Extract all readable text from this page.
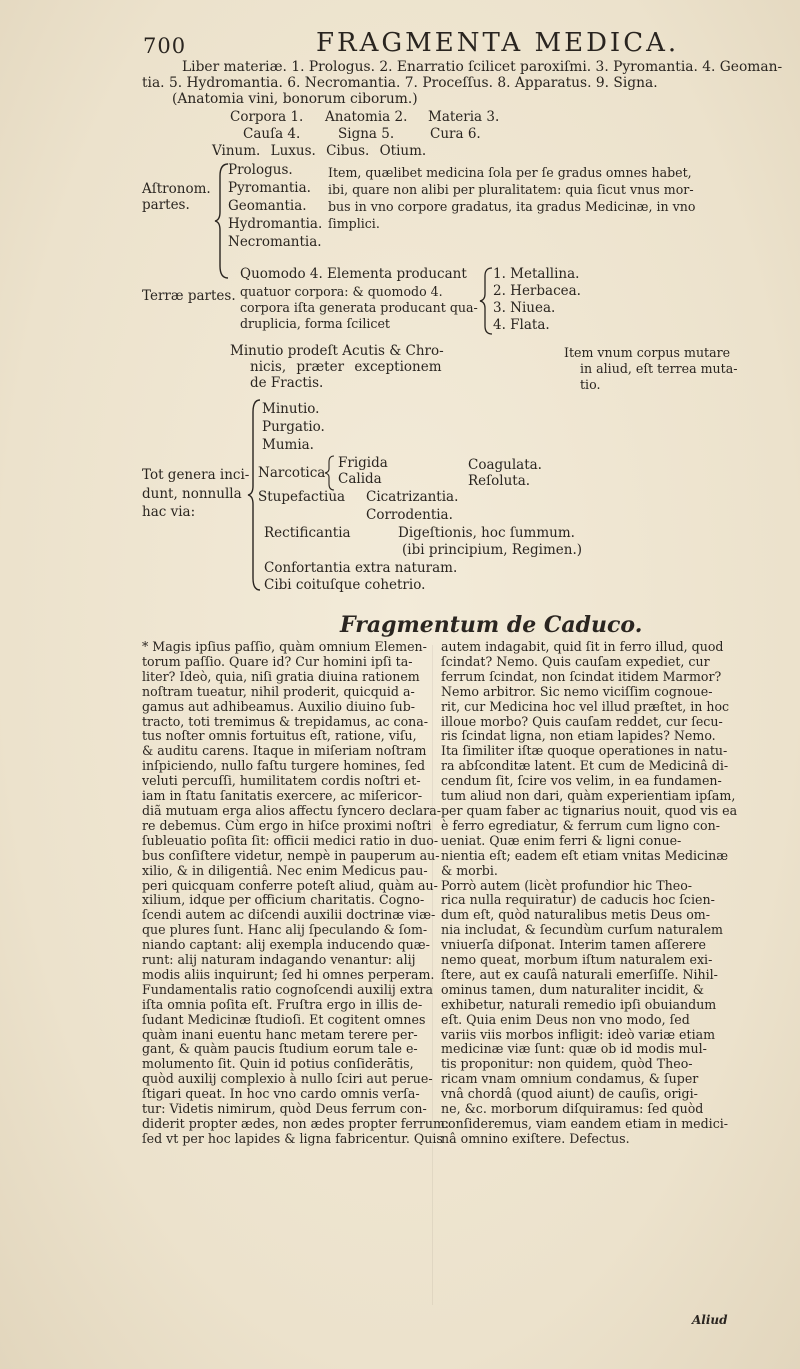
700	FRAGMENTA MEDICA.
Liber materiæ. 1. Prologus. 2. Enarratio ſcilicet paroxiſmi. 3. Pyromantia. 4. Geoman-
tia. 5. Hydromantia. 6. Necromantia. 7. Proceſſus. 8. Apparatus. 9. Signa.
(Anatomia vini, bonorum ciborum.)
Corpora 1. Anatomia 2. Materia 3.
Cauſa 4.	Signa 5.	Cura 6.
Vinum. Luxus. Cibus. Otium.
Aſtronom.
partes.
Prologus.
Pyromantia.
Geomantia.
Hydromantia.
Necromantia.
Item, quælibet medicina ſola per ſe gradus omnes habet,
ibi, quare non alibi per pluralitatem: quia ſicut vnus mor-
bus in vno corpore gradatus, ita gradus Medicinæ, in vno
ſimplici.
Terræ partes.
Quomodo 4. Elementa producant
quatuor corpora: & quomodo 4.
corpora iſta generata producant qua-
druplicia, forma ſcilicet
1. Metallina.
2. Herbacea.
3. Niuea.
4. Flata.
Minutio prodeſt Acutis & Chro-
nicis, præter exceptionem
de Fractis.
Item vnum corpus mutare
in aliud, eſt terrea muta-
tio.
Tot genera inci-
dunt, nonnulla
hac via:
Minutio.
Purgatio.
Mumia.
Narcotica
Frigida
Calida
Coagulata.
Reſoluta.
Stupefactiua Cicatrizantia.
Corrodentia.
Rectificantia	Digeſtionis, hoc ſummum.
(ibi principium, Regimen.)
Confortantia extra naturam.
Cibi coituſque cohetrio.
Fragmentum de Caduco.

* Magis ipſius paſſio, quàm omnium Elemen-

torum paſſio. Quare id? Cur homini ipſi ta-

liter? Ideò, quia, niſi gratia diuina rationem

noſtram tueatur, nihil proderit, quicquid a-

gamus aut adhibeamus. Auxilio diuino ſub-

tracto, toti tremimus & trepidamus, ac cona-

tus noſter omnis fortuitus eſt, ratione, viſu,

& auditu carens. Itaque in miſeriam noſtram

inſpiciendo, nullo faſtu turgere homines, ſed

veluti percuſſi, humilitatem cordis noſtri et-

iam in ſtatu ſanitatis exercere, ac miſericor-

diã mutuam erga alios affectu ſyncero declara-

re debemus. Cùm ergo in hiſce proximi noſtri

ſubleuatio poſita ſit: officii medici ratio in duo-

bus conſiſtere videtur, nempè in pauperum au-

xilio, & in diligentiâ. Nec enim Medicus pau-

peri quicquam conferre poteſt aliud, quàm au-

xilium, idque per officium charitatis. Cogno-

ſcendi autem ac diſcendi auxilii doctrinæ viæ-

que plures ſunt. Hanc alij ſpeculando & ſom-

niando captant: alij exempla inducendo quæ-

runt: alij naturam indagando venantur: alij

modis aliis inquirunt; ſed hi omnes perperam.

Fundamentalis ratio cognoſcendi auxilij extra

iſta omnia poſita eſt. Fruſtra ergo in illis de-

ſudant Medicinæ ſtudioſi. Et cogitent omnes

quàm inani euentu hanc metam terere per-

gant, & quàm paucis ſtudium eorum tale e-

molumento ſit. Quin id potius conſiderātis,

quòd auxilij complexio à nullo ſciri aut perue-

ſtigari queat. In hoc vno cardo omnis verſa-

tur: Videtis nimirum, quòd Deus ferrum con-

diderit propter ædes, non ædes propter ferrum:

ſed vt per hoc lapides & ligna fabricentur. Quis

autem indagabit, quid ſit in ferro illud, quod

ſcindat? Nemo. Quis cauſam expediet, cur

ferrum ſcindat, non ſcindat itidem Marmor?

Nemo arbitror. Sic nemo viciſſim cognoue-

rit, cur Medicina hoc vel illud præſtet, in hoc

illoue morbo? Quis cauſam reddet, cur ſecu-

ris ſcindat ligna, non etiam lapides? Nemo.

Ita ſimiliter iſtæ quoque operationes in natu-

ra abſconditæ latent. Et cum de Medicinâ di-

cendum ſit, ſcire vos velim, in ea fundamen-

tum aliud non dari, quàm experientiam ipſam,

per quam faber ac tignarius nouit, quod vis ea

è ferro egrediatur, & ferrum cum ligno con-

ueniat. Quæ enim ferri & ligni conue-

nientia eſt; eadem eſt etiam vnitas Medicinæ

& morbi.

Porrò autem (licèt profundior hic Theo-

rica nulla requiratur) de caducis hoc ſcien-

dum eſt, quòd naturalibus metis Deus om-

nia includat, & ſecundùm curſum naturalem

vniuerſa diſponat. Interim tamen aſſerere

nemo queat, morbum iſtum naturalem exi-

ſtere, aut ex cauſâ naturali emerſiſſe. Nihil-

ominus tamen, dum naturaliter incidit, &

exhibetur, naturali remedio ipſi obuiandum

eſt. Quia enim Deus non vno modo, ſed

variis viis morbos infligit: ideò variæ etiam

medicinæ viæ ſunt: quæ ob id modis mul-

tis proponitur: non quidem, quòd Theo-

ricam vnam omnium condamus, & ſuper

vnâ chordâ (quod aiunt) de cauſis, origi-

ne, &c. morborum diſquiramus: ſed quòd

conſideremus, viam eandem etiam in medici-

nâ omnino exiſtere. Defectus.

Aliud
